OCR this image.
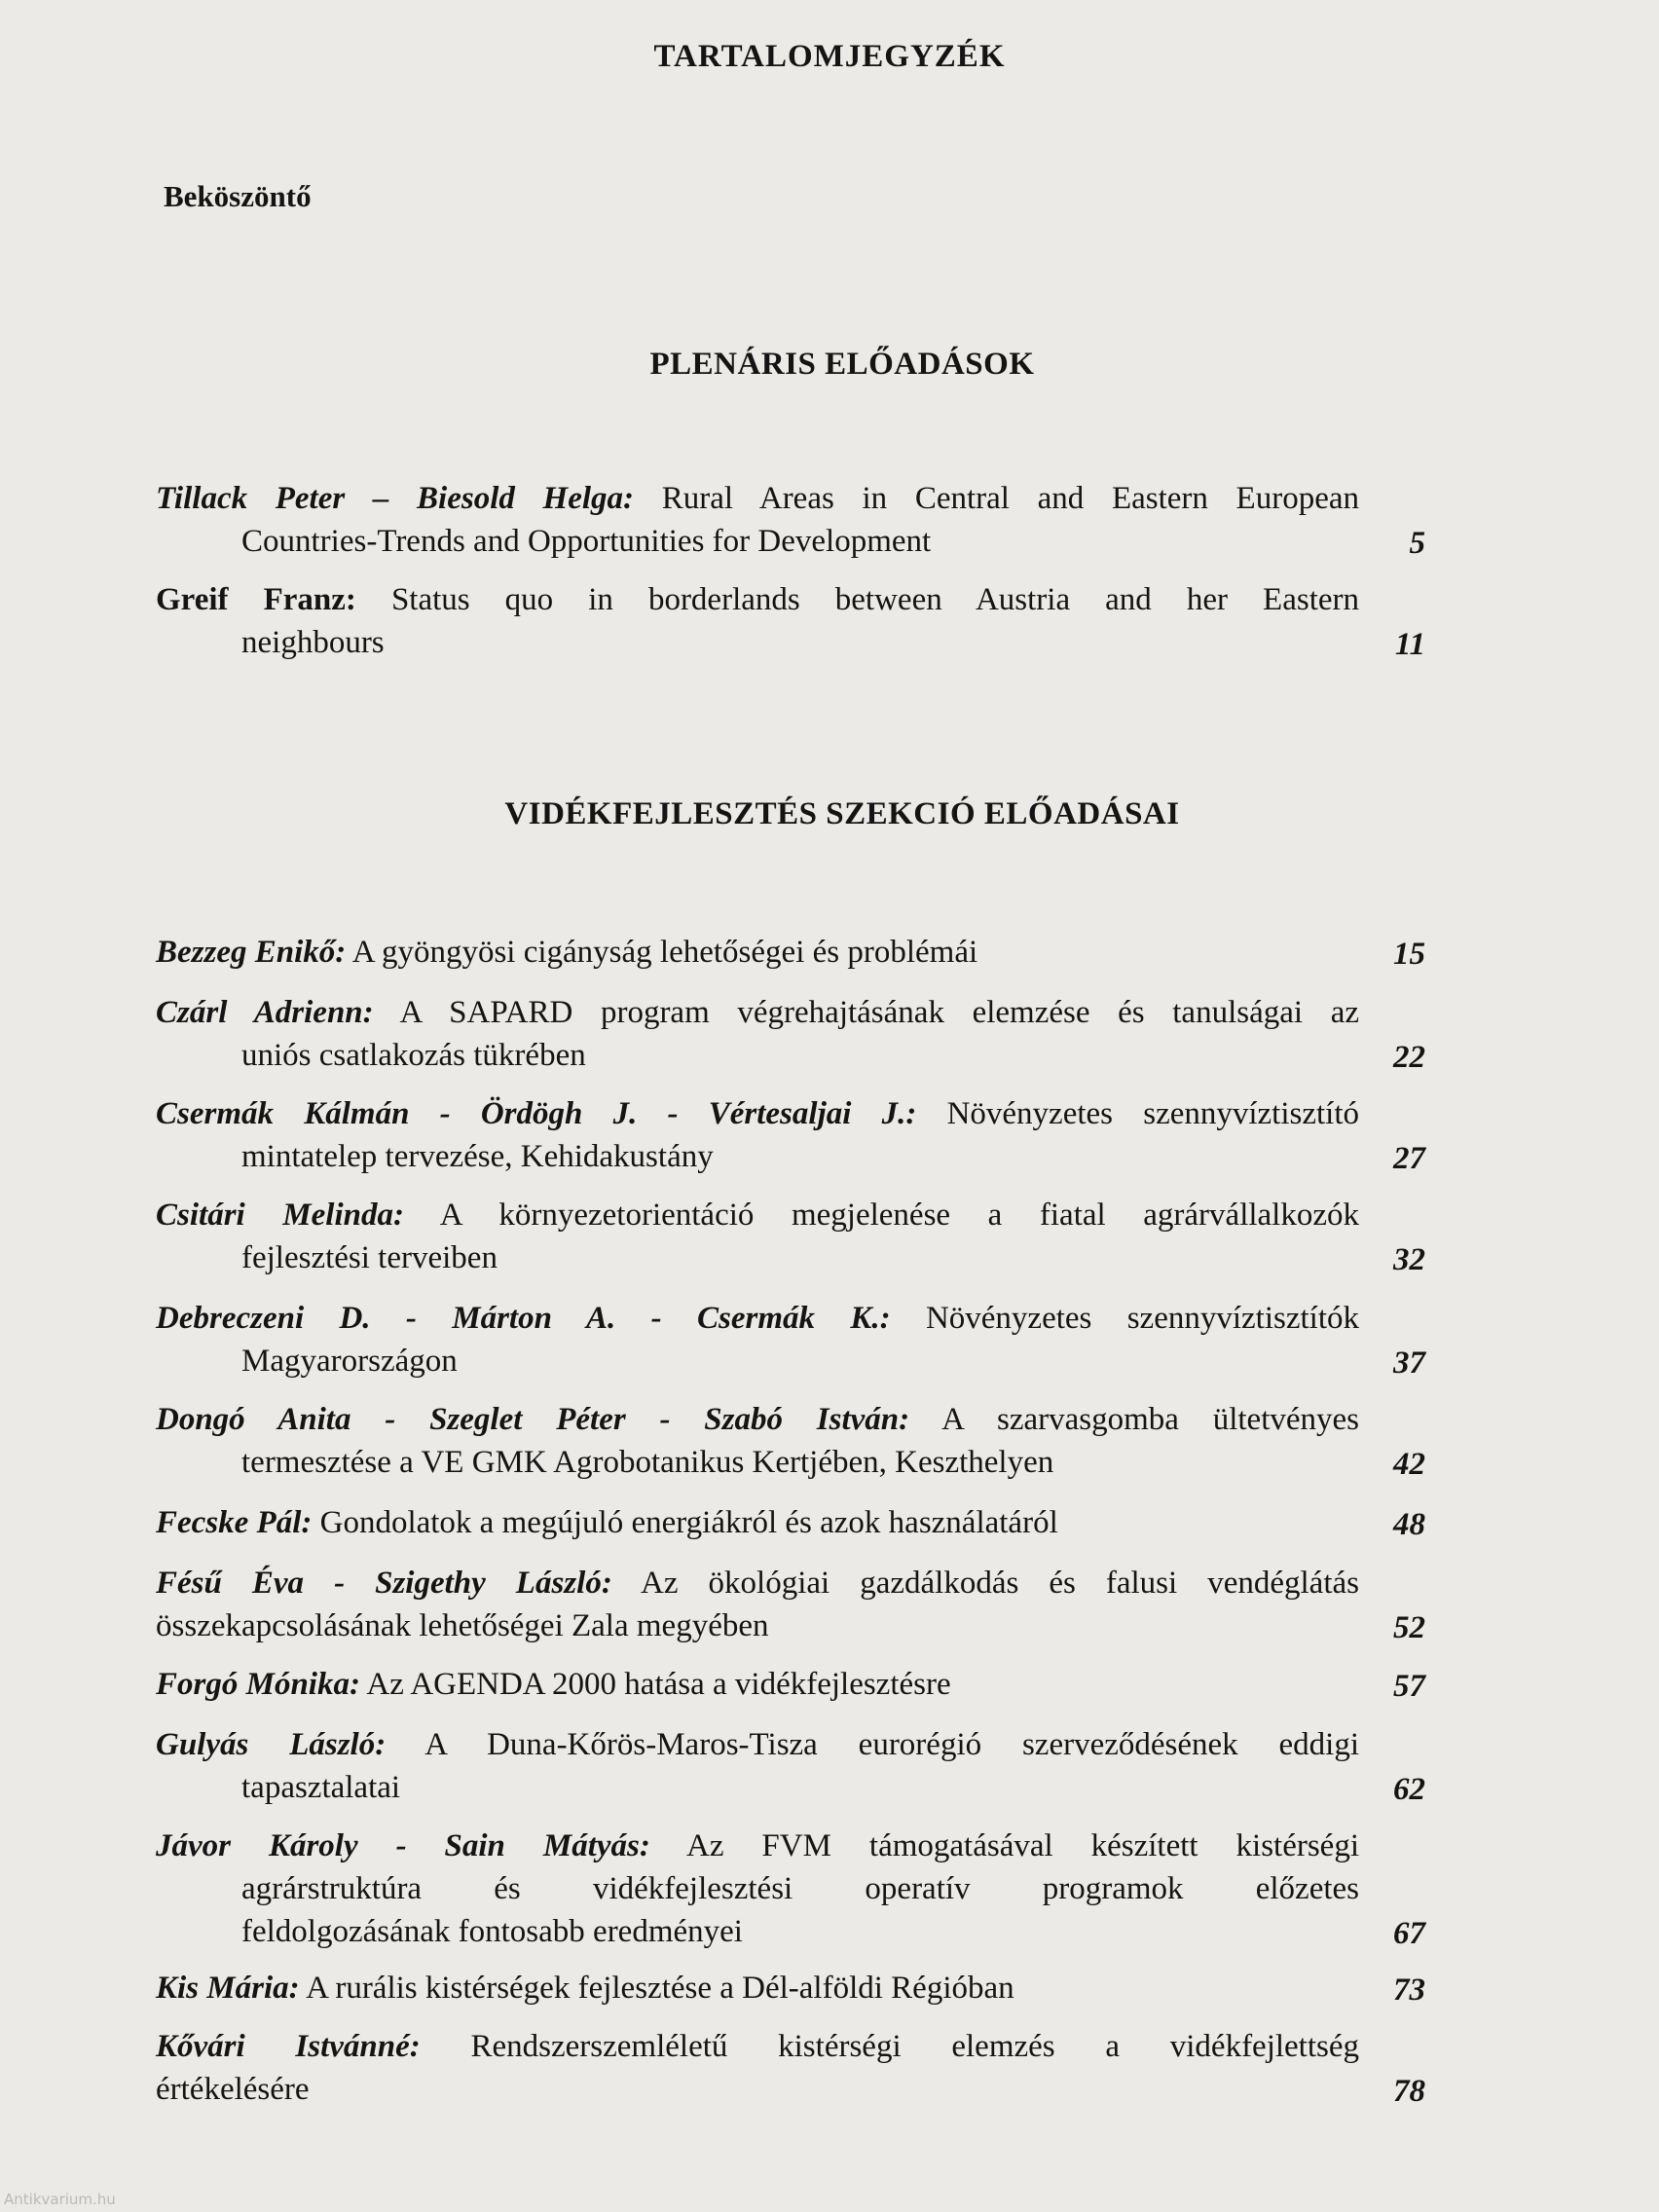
TARTALOMJEGYZÉK
Beköszöntő
PLENÁRIS ELŐADÁSOK
Tillack Peter – Biesold Helga: Rural Areas in Central and Eastern European
Countries-Trends and Opportunities for Development	5
Greif Franz: Status quo in borderlands between Austria and her Eastern
neighbours	11
VIDÉKFEJLESZTÉS SZEKCIÓ ELŐADÁSAI
Bezzeg Enikő: A gyöngyösi cigányság lehetőségei és problémái	15
Czárl Adrienn: A SAPARD program végrehajtásának elemzése és tanulságai az
uniós csatlakozás tükrében	22
Csermák Kálmán - Ördögh J. - Vértesaljai J.: Növényzetes szennyvíztisztító
mintatelep tervezése, Kehidakustány	27
Csitári Melinda: A környezetorientáció megjelenése a fiatal agrárvállalkozók
fejlesztési terveiben	32
Debreczeni D. - Márton A. - Csermák K.: Növényzetes szennyvíztisztítók
Magyarországon	37
Dongó Anita - Szeglet Péter - Szabó István: A szarvasgomba ültetvényes
termesztése a VE GMK Agrobotanikus Kertjében, Keszthelyen	42
Fecske Pál: Gondolatok a megújuló energiákról és azok használatáról	48
Fésű Éva - Szigethy László: Az ökológiai gazdálkodás és falusi vendéglátás
összekapcsolásának lehetőségei Zala megyében	52
Forgó Mónika: Az AGENDA 2000 hatása a vidékfejlesztésre	57
Gulyás László: A Duna-Kőrös-Maros-Tisza eurorégió szerveződésének eddigi
tapasztalatai	62
Jávor Károly - Sain Mátyás: Az FVM támogatásával készített kistérségi
agrárstruktúra és vidékfejlesztési operatív programok előzetes
feldolgozásának fontosabb eredményei	67
Kis Mária: A rurális kistérségek fejlesztése a Dél-alföldi Régióban	73
Kővári Istvánné: Rendszerszemléletű kistérségi elemzés a vidékfejlettség
értékelésére	78
Antikvarium.hu
